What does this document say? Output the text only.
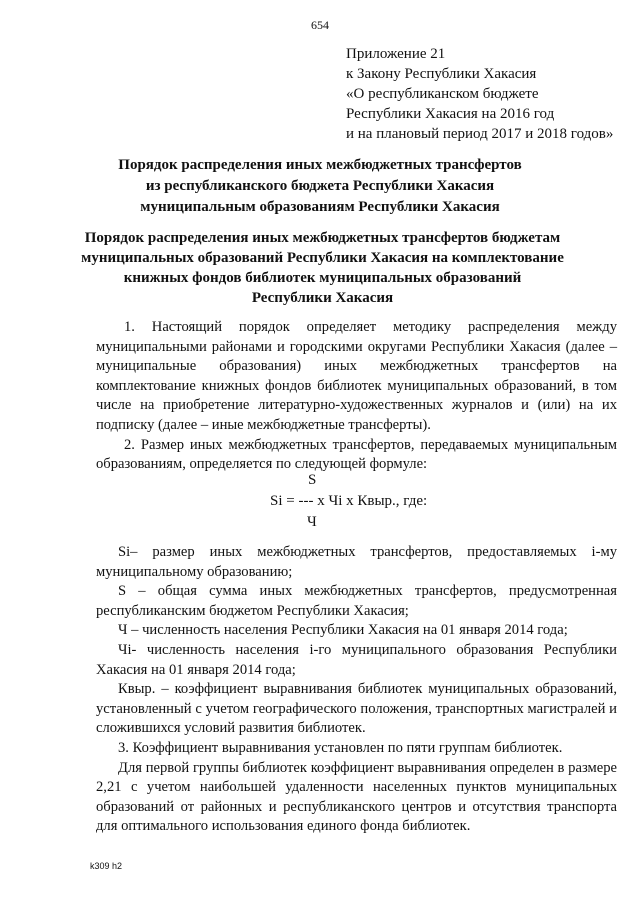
654
Приложение 21
к Закону Республики Хакасия
«О республиканском бюджете
Республики Хакасия на 2016 год
и на плановый период 2017 и 2018 годов»
Порядок распределения иных межбюджетных трансфертов
из республиканского бюджета Республики Хакасия
муниципальным образованиям Республики Хакасия
Порядок распределения иных межбюджетных трансфертов бюджетам
муниципальных образований Республики Хакасия на комплектование
книжных фондов библиотек муниципальных образований
Республики Хакасия

1. Настоящий порядок определяет методику распределения между муниципальными районами и городскими округами Республики Хакасия (далее – муниципальные образования) иных межбюджетных трансфертов на комплектование книжных фондов библиотек муниципальных образований, в том числе на приобретение литературно-художественных журналов и (или) на их подписку (далее – иные межбюджетные трансферты).

2. Размер иных межбюджетных трансфертов, передаваемых муниципальным образованиям, определяется по следующей формуле:

S
Si = --- x Чi x Квыр., где:
Ч

Si– размер иных межбюджетных трансфертов, предоставляемых i-му муниципальному образованию;

S – общая сумма иных межбюджетных трансфертов, предусмотренная республиканским бюджетом Республики Хакасия;

Ч – численность населения Республики Хакасия на 01 января 2014 года;

Чi- численность населения i-го муниципального образования Республики Хакасия на 01 января 2014 года;

Квыр. – коэффициент выравнивания библиотек муниципальных образований, установленный с учетом географического положения, транспортных магистралей и сложившихся условий развития библиотек.

3. Коэффициент выравнивания установлен по пяти группам библиотек.

Для первой группы библиотек коэффициент выравнивания определен в размере 2,21 с учетом наибольшей удаленности населенных пунктов муниципальных образований от районных и республиканского центров и отсутствия транспорта для оптимального использования единого фонда библиотек.

k309 h2
